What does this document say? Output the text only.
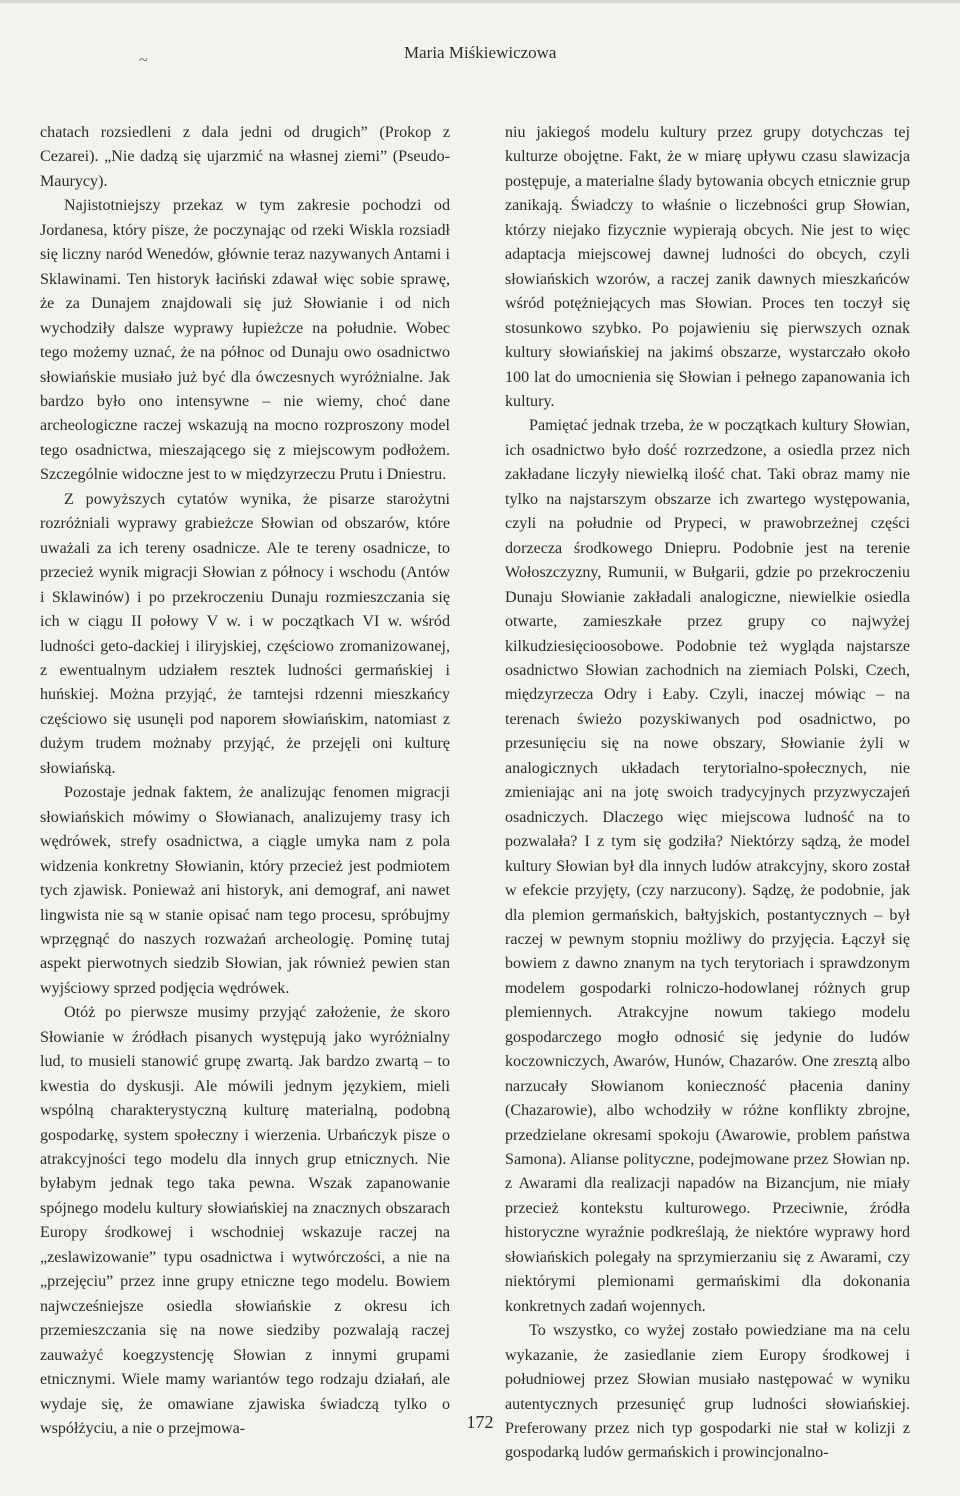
~	Maria Miśkiewiczowa

chatach rozsiedleni z dala jedni od drugich” (Prokop z Cezarei). „Nie dadzą się ujarzmić na własnej ziemi” (Pseudo-Maurycy).

Najistotniejszy przekaz w tym zakresie pochodzi od Jordanesa, który pisze, że poczynając od rzeki Wiskla rozsiadł się liczny naród Wenedów, głównie teraz nazywanych Antami i Sklawinami. Ten historyk łaciński zdawał więc sobie sprawę, że za Dunajem znajdowali się już Słowianie i od nich wychodziły dalsze wyprawy łupieżcze na południe. Wobec tego możemy uznać, że na północ od Dunaju owo osadnictwo słowiańskie musiało już być dla ówczesnych wyróżnialne. Jak bardzo było ono intensywne – nie wiemy, choć dane archeologiczne raczej wskazują na mocno rozproszony model tego osadnictwa, mieszającego się z miejscowym podłożem. Szczególnie widoczne jest to w międzyrzeczu Prutu i Dniestru.

Z powyższych cytatów wynika, że pisarze starożytni rozróżniali wyprawy grabieżcze Słowian od obszarów, które uważali za ich tereny osadnicze. Ale te tereny osadnicze, to przecież wynik migracji Słowian z północy i wschodu (Antów i Sklawinów) i po przekroczeniu Dunaju rozmieszczania się ich w ciągu II połowy V w. i w początkach VI w. wśród ludności geto-dackiej i iliryjskiej, częściowo zromanizowanej, z ewentualnym udziałem resztek ludności germańskiej i huńskiej. Można przyjąć, że tamtejsi rdzenni mieszkańcy częściowo się usunęli pod naporem słowiańskim, natomiast z dużym trudem możnaby przyjąć, że przejęli oni kulturę słowiańską.

Pozostaje jednak faktem, że analizując fenomen migracji słowiańskich mówimy o Słowianach, analizujemy trasy ich wędrówek, strefy osadnictwa, a ciągle umyka nam z pola widzenia konkretny Słowianin, który przecież jest podmiotem tych zjawisk. Ponieważ ani historyk, ani demograf, ani nawet lingwista nie są w stanie opisać nam tego procesu, spróbujmy wprzęgnąć do naszych rozważań archeologię. Pominę tutaj aspekt pierwotnych siedzib Słowian, jak również pewien stan wyjściowy sprzed podjęcia wędrówek.

Otóż po pierwsze musimy przyjąć założenie, że skoro Słowianie w źródłach pisanych występują jako wyróżnialny lud, to musieli stanowić grupę zwartą. Jak bardzo zwartą – to kwestia do dyskusji. Ale mówili jednym językiem, mieli wspólną charakterystyczną kulturę materialną, podobną gospodarkę, system społeczny i wierzenia. Urbańczyk pisze o atrakcyjności tego modelu dla innych grup etnicznych. Nie byłabym jednak tego taka pewna. Wszak zapanowanie spójnego modelu kultury słowiańskiej na znacznych obszarach Europy środkowej i wschodniej wskazuje raczej na „zeslawizowanie” typu osadnictwa i wytwórczości, a nie na „przejęciu” przez inne grupy etniczne tego modelu. Bowiem najwcześniejsze osiedla słowiańskie z okresu ich przemieszczania się na nowe siedziby pozwalają raczej zauważyć koegzystencję Słowian z innymi grupami etnicznymi. Wiele mamy wariantów tego rodzaju działań, ale wydaje się, że omawiane zjawiska świadczą tylko o współżyciu, a nie o przejmowa-

niu jakiegoś modelu kultury przez grupy dotychczas tej kulturze obojętne. Fakt, że w miarę upływu czasu slawizacja postępuje, a materialne ślady bytowania obcych etnicznie grup zanikają. Świadczy to właśnie o liczebności grup Słowian, którzy niejako fizycznie wypierają obcych. Nie jest to więc adaptacja miejscowej dawnej ludności do obcych, czyli słowiańskich wzorów, a raczej zanik dawnych mieszkańców wśród potężniejących mas Słowian. Proces ten toczył się stosunkowo szybko. Po pojawieniu się pierwszych oznak kultury słowiańskiej na jakimś obszarze, wystarczało około 100 lat do umocnienia się Słowian i pełnego zapanowania ich kultury.

Pamiętać jednak trzeba, że w początkach kultury Słowian, ich osadnictwo było dość rozrzedzone, a osiedla przez nich zakładane liczyły niewielką ilość chat. Taki obraz mamy nie tylko na najstarszym obszarze ich zwartego występowania, czyli na południe od Prypeci, w prawobrzeżnej części dorzecza środkowego Dniepru. Podobnie jest na terenie Wołoszczyzny, Rumunii, w Bułgarii, gdzie po przekroczeniu Dunaju Słowianie zakładali analogiczne, niewielkie osiedla otwarte, zamieszkałe przez grupy co najwyżej kilkudziesięcioosobowe. Podobnie też wygląda najstarsze osadnictwo Słowian zachodnich na ziemiach Polski, Czech, międzyrzecza Odry i Łaby. Czyli, inaczej mówiąc – na terenach świeżo pozyskiwanych pod osadnictwo, po przesunięciu się na nowe obszary, Słowianie żyli w analogicznych układach terytorialno-społecznych, nie zmieniając ani na jotę swoich tradycyjnych przyzwyczajeń osadniczych. Dlaczego więc miejscowa ludność na to pozwalała? I z tym się godziła? Niektórzy sądzą, że model kultury Słowian był dla innych ludów atrakcyjny, skoro został w efekcie przyjęty, (czy narzucony). Sądzę, że podobnie, jak dla plemion germańskich, bałtyjskich, postantycznych – był raczej w pewnym stopniu możliwy do przyjęcia. Łączył się bowiem z dawno znanym na tych terytoriach i sprawdzonym modelem gospodarki rolniczo-hodowlanej różnych grup plemiennych. Atrakcyjne nowum takiego modelu gospodarczego mogło odnosić się jedynie do ludów koczowniczych, Awarów, Hunów, Chazarów. One zresztą albo narzucały Słowianom konieczność płacenia daniny (Chazarowie), albo wchodziły w różne konflikty zbrojne, przedzielane okresami spokoju (Awarowie, problem państwa Samona). Alianse polityczne, podejmowane przez Słowian np. z Awarami dla realizacji napadów na Bizancjum, nie miały przecież kontekstu kulturowego. Przeciwnie, źródła historyczne wyraźnie podkreślają, że niektóre wyprawy hord słowiańskich polegały na sprzymierzaniu się z Awarami, czy niektórymi plemionami germańskimi dla dokonania konkretnych zadań wojennych.

To wszystko, co wyżej zostało powiedziane ma na celu wykazanie, że zasiedlanie ziem Europy środkowej i południowej przez Słowian musiało następować w wyniku autentycznych przesunięć grup ludności słowiańskiej. Preferowany przez nich typ gospodarki nie stał w kolizji z gospodarką ludów germańskich i prowincjonalno-

172
